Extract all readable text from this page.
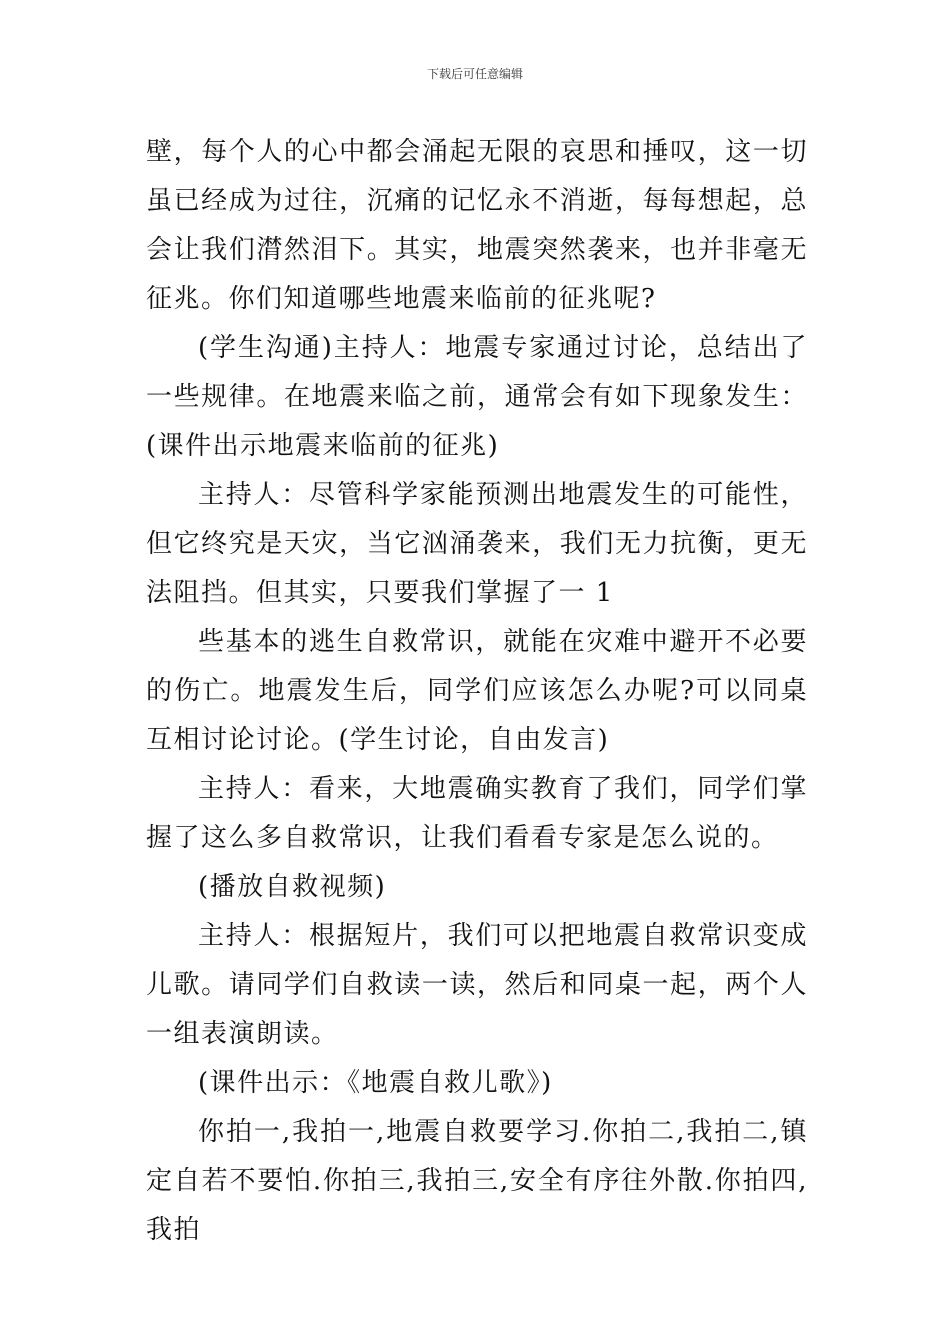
下载后可任意编辑

壁，每个人的心中都会涌起无限的哀思和捶叹，这一切虽已经成为过往，沉痛的记忆永不消逝，每每想起，总会让我们潸然泪下。其实，地震突然袭来，也并非毫无征兆。你们知道哪些地震来临前的征兆呢?

(学生沟通)主持人：地震专家通过讨论，总结出了一些规律。在地震来临之前，通常会有如下现象发生：(课件出示地震来临前的征兆)

主持人：尽管科学家能预测出地震发生的可能性，但它终究是天灾，当它汹涌袭来，我们无力抗衡，更无法阻挡。但其实，只要我们掌握了一 1

些基本的逃生自救常识，就能在灾难中避开不必要的伤亡。地震发生后，同学们应该怎么办呢?可以同桌互相讨论讨论。(学生讨论，自由发言)

主持人：看来，大地震确实教育了我们，同学们掌握了这么多自救常识，让我们看看专家是怎么说的。

(播放自救视频)

主持人：根据短片，我们可以把地震自救常识变成儿歌。请同学们自救读一读，然后和同桌一起，两个人一组表演朗读。

(课件出示：《地震自救儿歌》)

你拍一,我拍一,地震自救要学习.你拍二,我拍二,镇定自若不要怕.你拍三,我拍三,安全有序往外散.你拍四,我拍
